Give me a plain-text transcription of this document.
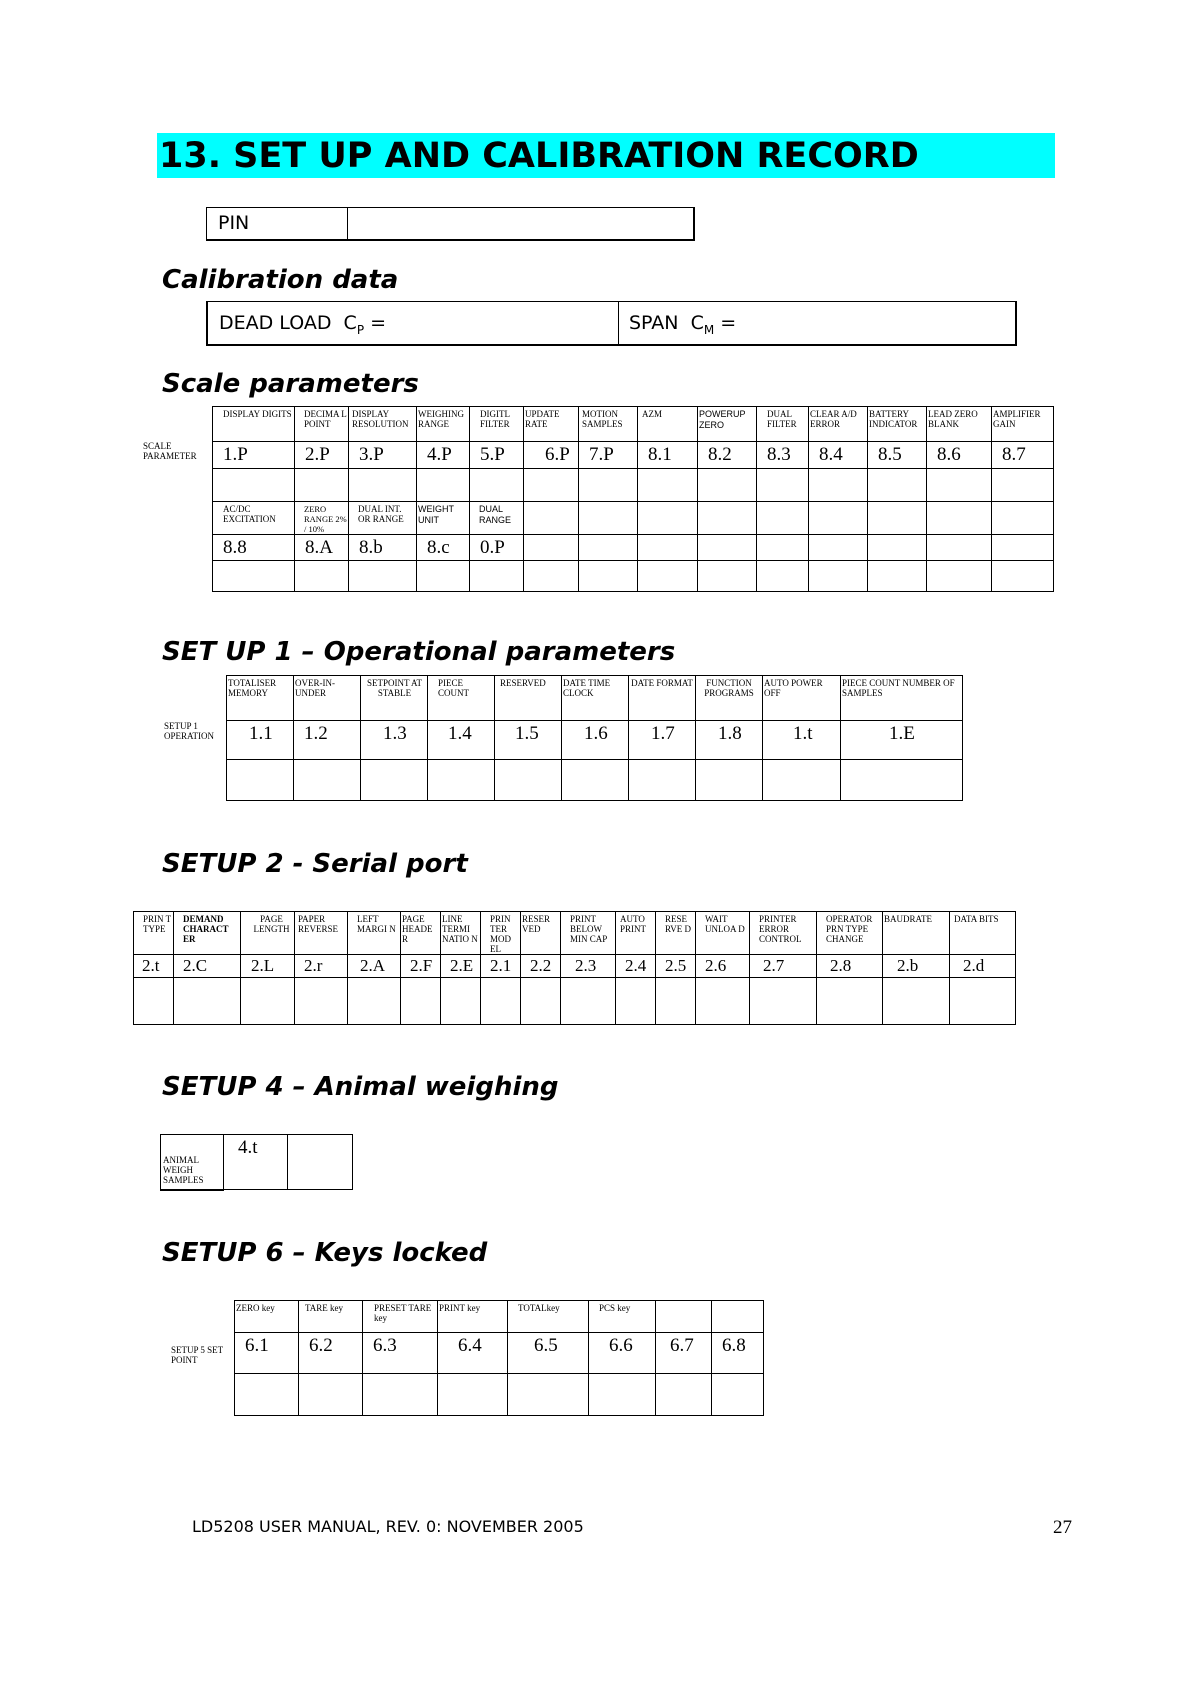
13. SET UP AND CALIBRATION RECORD
PIN

Calibration data
DEAD LOAD  $C_P$ =	SPAN  $C_M$ =
Scale parameters
SCALE PARAMETER
DISPLAY DIGITS	DECIMA L POINT	DISPLAY RESOLUTION	WEIGHING RANGE	DIGITL FILTER	UPDATE RATE	MOTION SAMPLES	AZM	POWERUP ZERO	DUAL FILTER	CLEAR A/D ERROR	BATTERY INDICATOR	LEAD ZERO BLANK	AMPLIFIER GAIN

1.P	2.P	3.P	4.P	5.P	6.P	7.P	8.1	8.2	8.3	8.4	8.5	8.6	8.7

AC/DC EXCITATION	ZERO RANGE 2% / 10%	DUAL INT. OR RANGE	WEIGHT UNIT	DUAL RANGE									

8.8	8.A	8.b	8.c	0.P									

SET UP 1 – Operational parameters
SETUP 1 OPERATION
TOTALISER MEMORY	OVER-IN-UNDER	SETPOINT AT STABLE	PIECE COUNT	RESERVED	DATE TIME CLOCK	DATE FORMAT	FUNCTION PROGRAMS	AUTO POWER OFF	PIECE COUNT NUMBER OF SAMPLES

1.1	1.2	1.3	1.4	1.5	1.6	1.7	1.8	1.t	1.E

SETUP 2 - Serial port
PRIN T TYPE	DEMAND CHARACT ER	PAGE LENGTH	PAPER REVERSE	LEFT MARGI N	PAGE HEADE R	LINE TERMI NATIO N	PRIN TER MOD EL	RESER VED	PRINT BELOW MIN CAP	AUTO PRINT	RESE RVE D	WAIT UNLOA D	PRINTER ERROR CONTROL	OPERATOR PRN TYPE CHANGE	BAUDRATE	DATA BITS

2.t	2.C	2.L	2.r	2.A	2.F	2.E	2.1	2.2	2.3	2.4	2.5	2.6	2.7	2.8	2.b	2.d

SETUP 4 – Animal weighing
ANIMAL WEIGH SAMPLES

4.t

SETUP 6 – Keys locked
SETUP 5 SET POINT
ZERO key	TARE key	PRESET TARE key	PRINT key	TOTALkey	PCS key		

6.1	6.2	6.3	6.4	6.5	6.6	6.7	6.8

LD5208 USER MANUAL, REV. 0: NOVEMBER 2005	27
